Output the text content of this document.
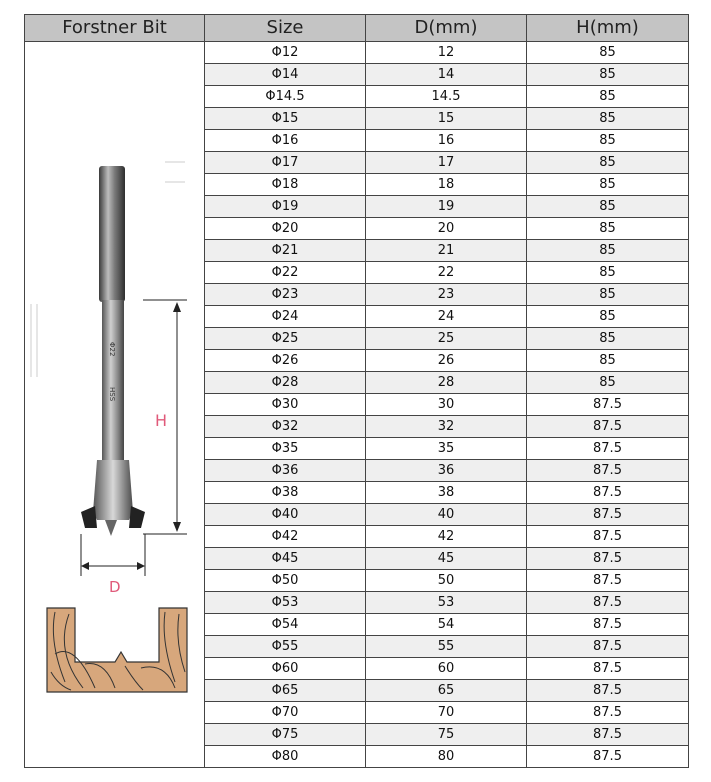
Forstner Bit	Size	D(mm)	H(mm)

Φ22
HSS
H
D	Φ12	12	85
	Φ14	14	85
	Φ14.5	14.5	85
	Φ15	15	85
	Φ16	16	85
	Φ17	17	85
	Φ18	18	85
	Φ19	19	85
	Φ20	20	85
	Φ21	21	85
	Φ22	22	85
	Φ23	23	85
	Φ24	24	85
	Φ25	25	85
	Φ26	26	85
	Φ28	28	85
	Φ30	30	87.5
	Φ32	32	87.5
	Φ35	35	87.5
	Φ36	36	87.5
	Φ38	38	87.5
	Φ40	40	87.5
	Φ42	42	87.5
	Φ45	45	87.5
	Φ50	50	87.5
	Φ53	53	87.5
	Φ54	54	87.5
	Φ55	55	87.5
	Φ60	60	87.5
	Φ65	65	87.5
	Φ70	70	87.5
	Φ75	75	87.5
	Φ80	80	87.5
